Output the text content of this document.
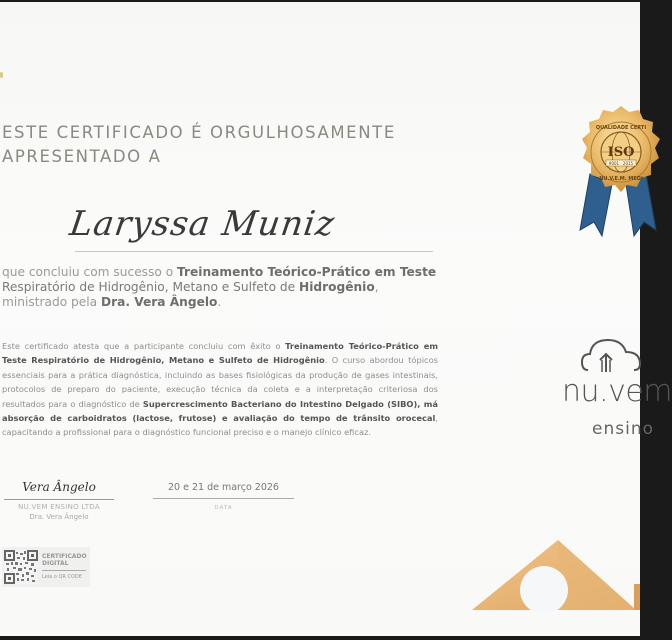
ESTE CERTIFICADO É ORGULHOSAMENTE
APRESENTADO A
Laryssa Muniz
que concluiu com sucesso o Treinamento Teórico-Prático em Teste Respiratório de Hidrogênio, Metano e Sulfeto de Hidrogênio, ministrado pela Dra. Vera Ângelo.
Este certificado atesta que a participante concluiu com êxito o Treinamento Teórico-Prático em Teste Respiratório de Hidrogênio, Metano e Sulfeto de Hidrogênio. O curso abordou tópicos essenciais para a prática diagnóstica, incluindo as bases fisiológicas da produção de gases intestinais, protocolos de preparo do paciente, execução técnica da coleta e a interpretação criteriosa dos resultados para o diagnóstico de Supercrescimento Bacteriano do Intestino Delgado (SIBO), má absorção de carboidratos (lactose, frutose) e avaliação do tempo de trânsito orocecal, capacitando a profissional para o diagnóstico funcional preciso e o manejo clínico eficaz.
Vera Ângelo
NU.VEM ENSINO LTDA
Dra. Vera Ângelo
20 e 21 de março 2026
DATA
CERTIFICADO
DIGITAL
Leia o QR CODE
ISO
9001 · 2015
QUALIDADE CERTI
NU.V.E.M. MEDI
nu.vem
ensino
